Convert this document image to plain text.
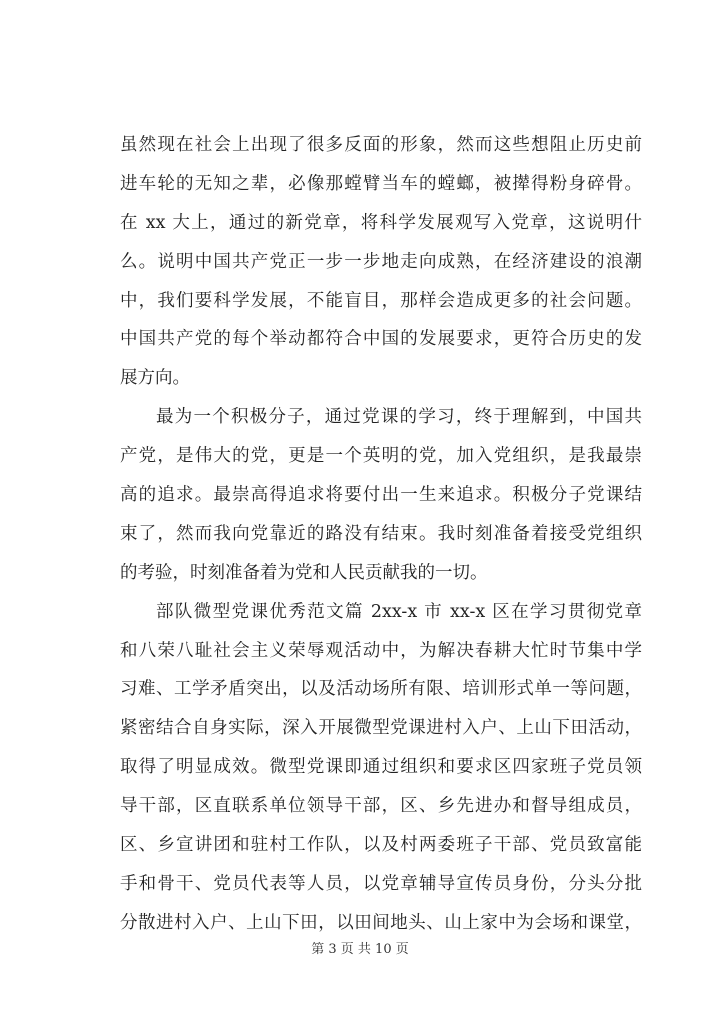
虽然现在社会上出现了很多反面的形象，然而这些想阻止历史前
进车轮的无知之辈，必像那螳臂当车的螳螂，被撵得粉身碎骨。
在 xx 大上，通过的新党章，将科学发展观写入党章，这说明什
么。说明中国共产党正一步一步地走向成熟，在经济建设的浪潮
中，我们要科学发展，不能盲目，那样会造成更多的社会问题。
中国共产党的每个举动都符合中国的发展要求，更符合历史的发
展方向。
最为一个积极分子，通过党课的学习，终于理解到，中国共
产党，是伟大的党，更是一个英明的党，加入党组织，是我最崇
高的追求。最崇高得追求将要付出一生来追求。积极分子党课结
束了，然而我向党靠近的路没有结束。我时刻准备着接受党组织
的考验，时刻准备着为党和人民贡献我的一切。
部队微型党课优秀范文篇 2xx-x 市 xx-x 区在学习贯彻党章
和八荣八耻社会主义荣辱观活动中，为解决春耕大忙时节集中学
习难、工学矛盾突出，以及活动场所有限、培训形式单一等问题，
紧密结合自身实际，深入开展微型党课进村入户、上山下田活动，
取得了明显成效。微型党课即通过组织和要求区四家班子党员领
导干部，区直联系单位领导干部，区、乡先进办和督导组成员，
区、乡宣讲团和驻村工作队，以及村两委班子干部、党员致富能
手和骨干、党员代表等人员，以党章辅导宣传员身份，分头分批
分散进村入户、上山下田，以田间地头、山上家中为会场和课堂，
第 3 页 共 10 页
